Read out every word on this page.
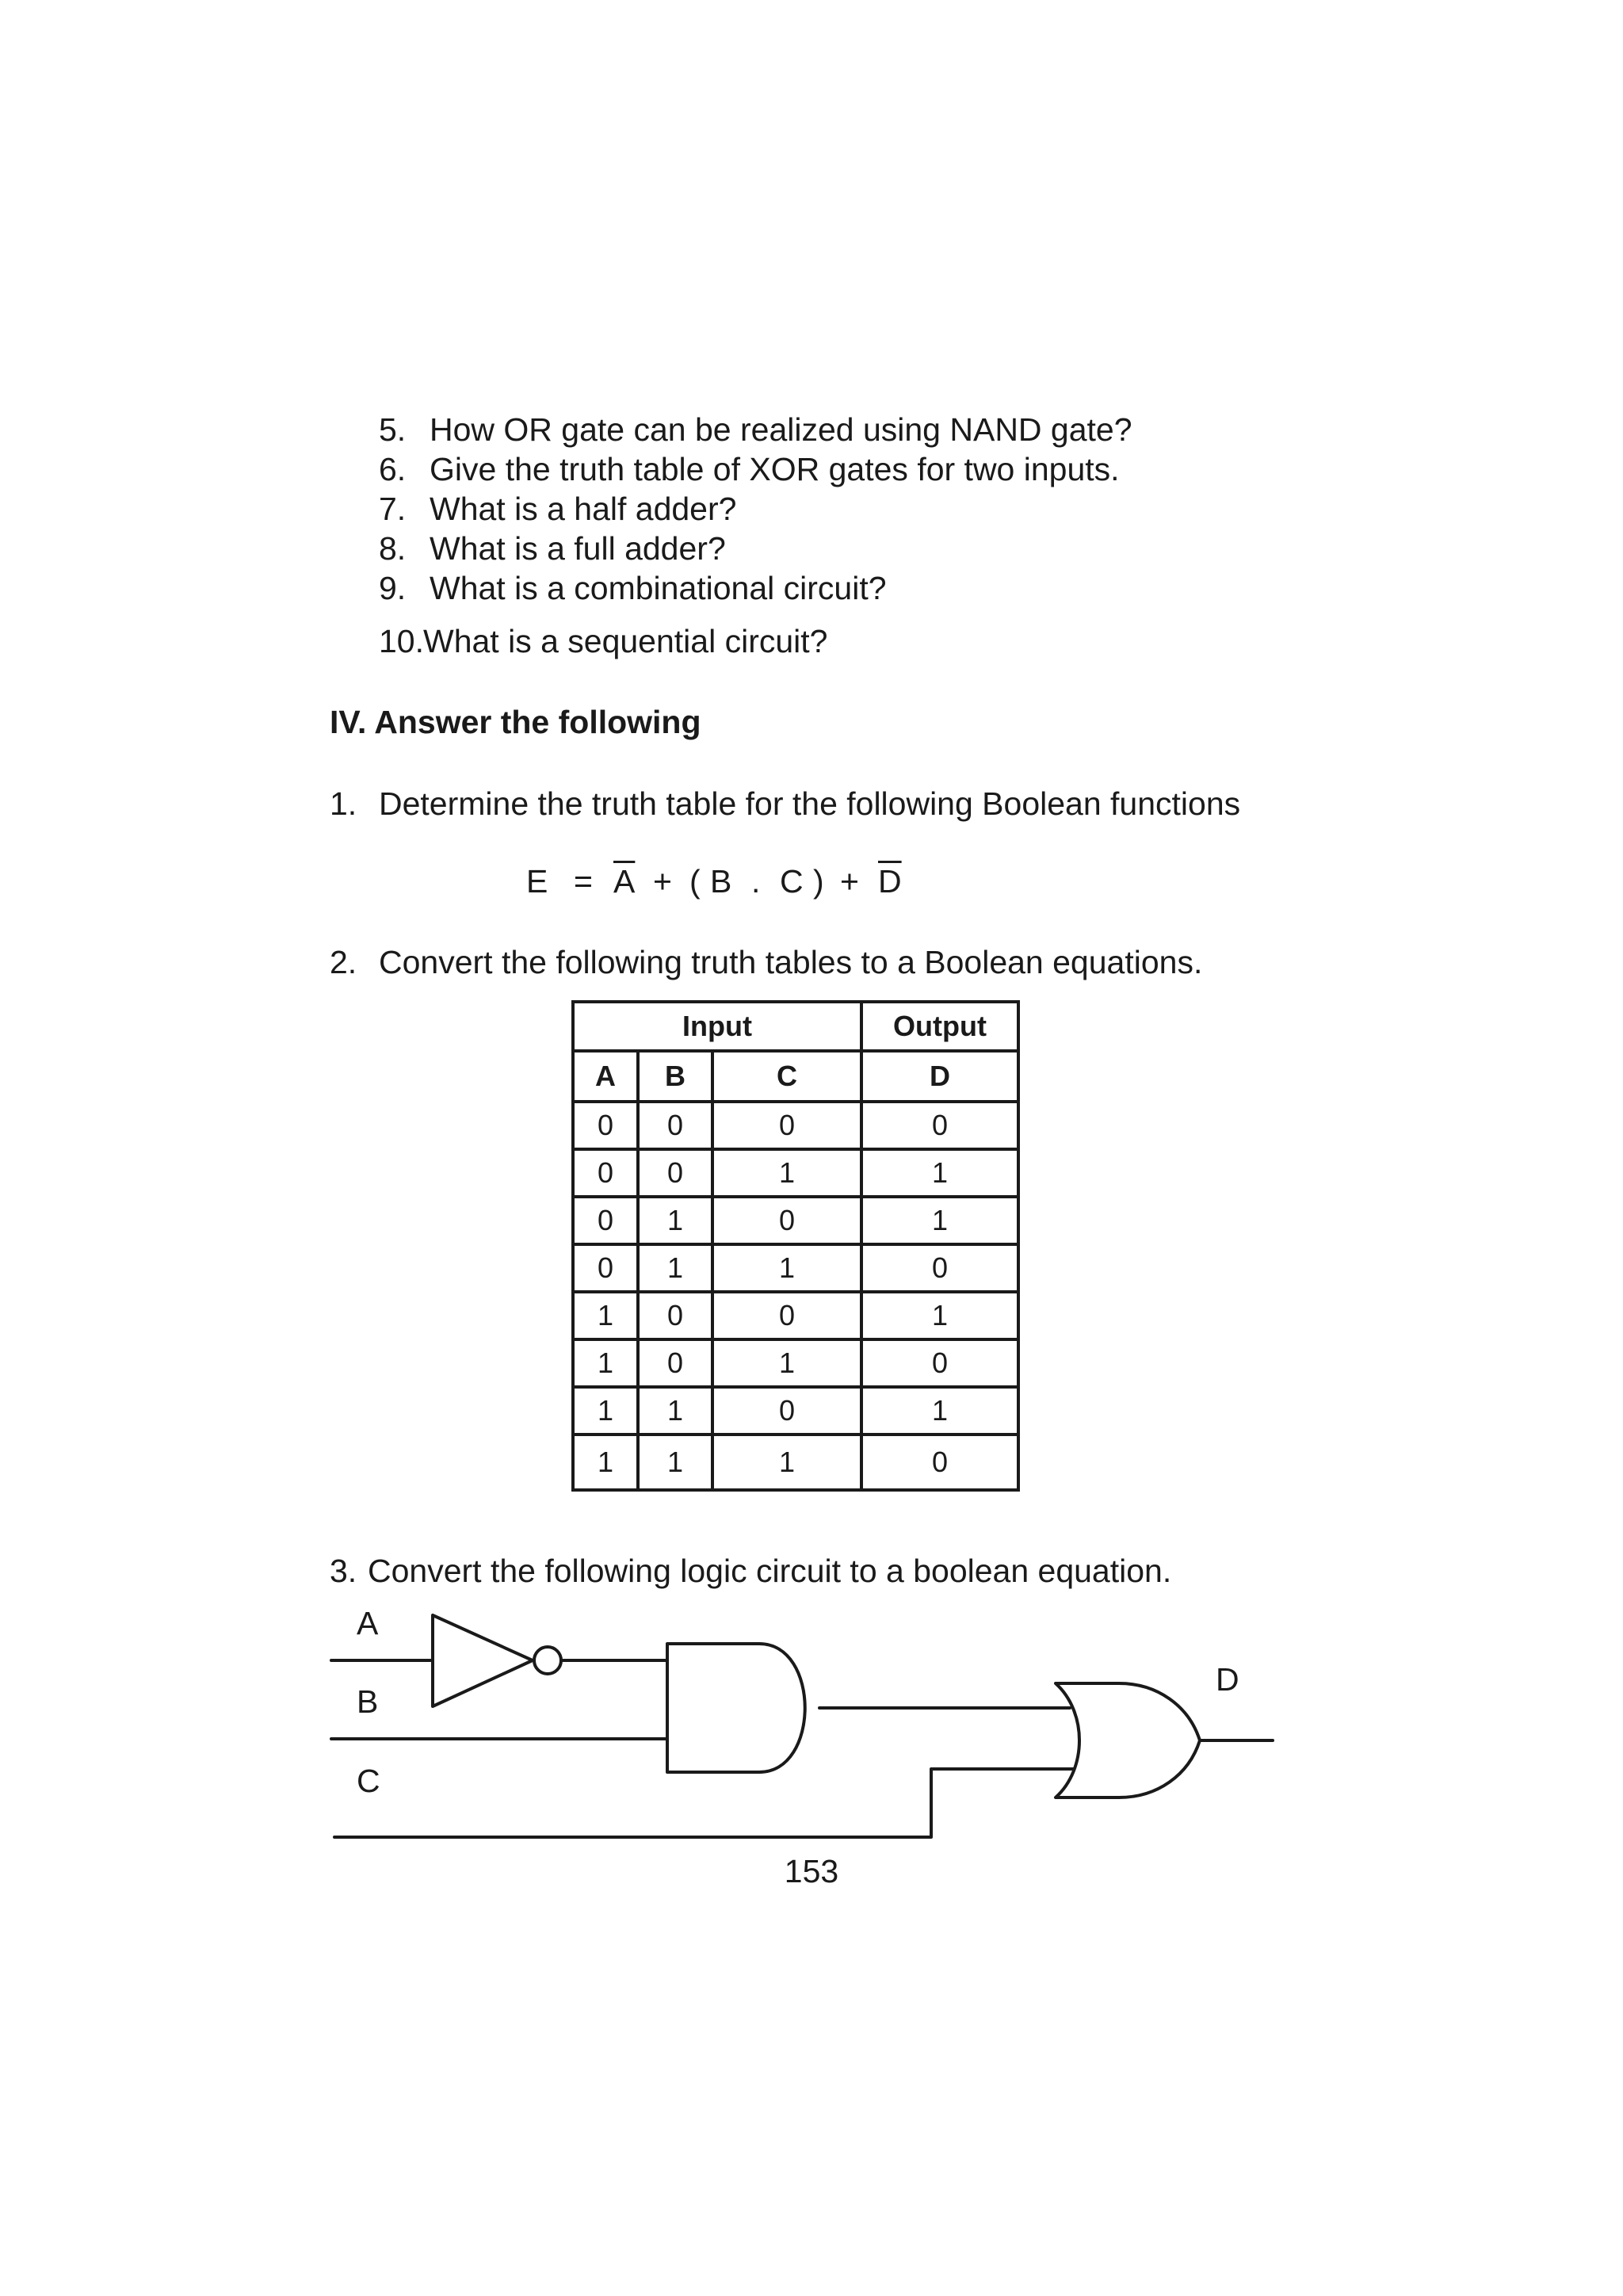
5. How OR gate can be realized using NAND gate?
6. Give the truth table of XOR gates for two inputs.
7. What is a half adder?
8. What is a full adder?
9. What is a combinational circuit?
10.What is a sequential circuit?
IV. Answer the following
1. Determine the truth table for the following Boolean functions
$E = \overline{A}$ + ( B . C ) + $\overline{D}$
2. Convert the following truth tables to a Boolean equations.
Input			Output
A	B	C	D
0	0	0	0
0	0	1	1
0	1	0	1
0	1	1	0
1	0	0	1
1	0	1	0
1	1	0	1
1	1	1	0
3. Convert the following logic circuit to a boolean equation.
A
B
C
D
153
